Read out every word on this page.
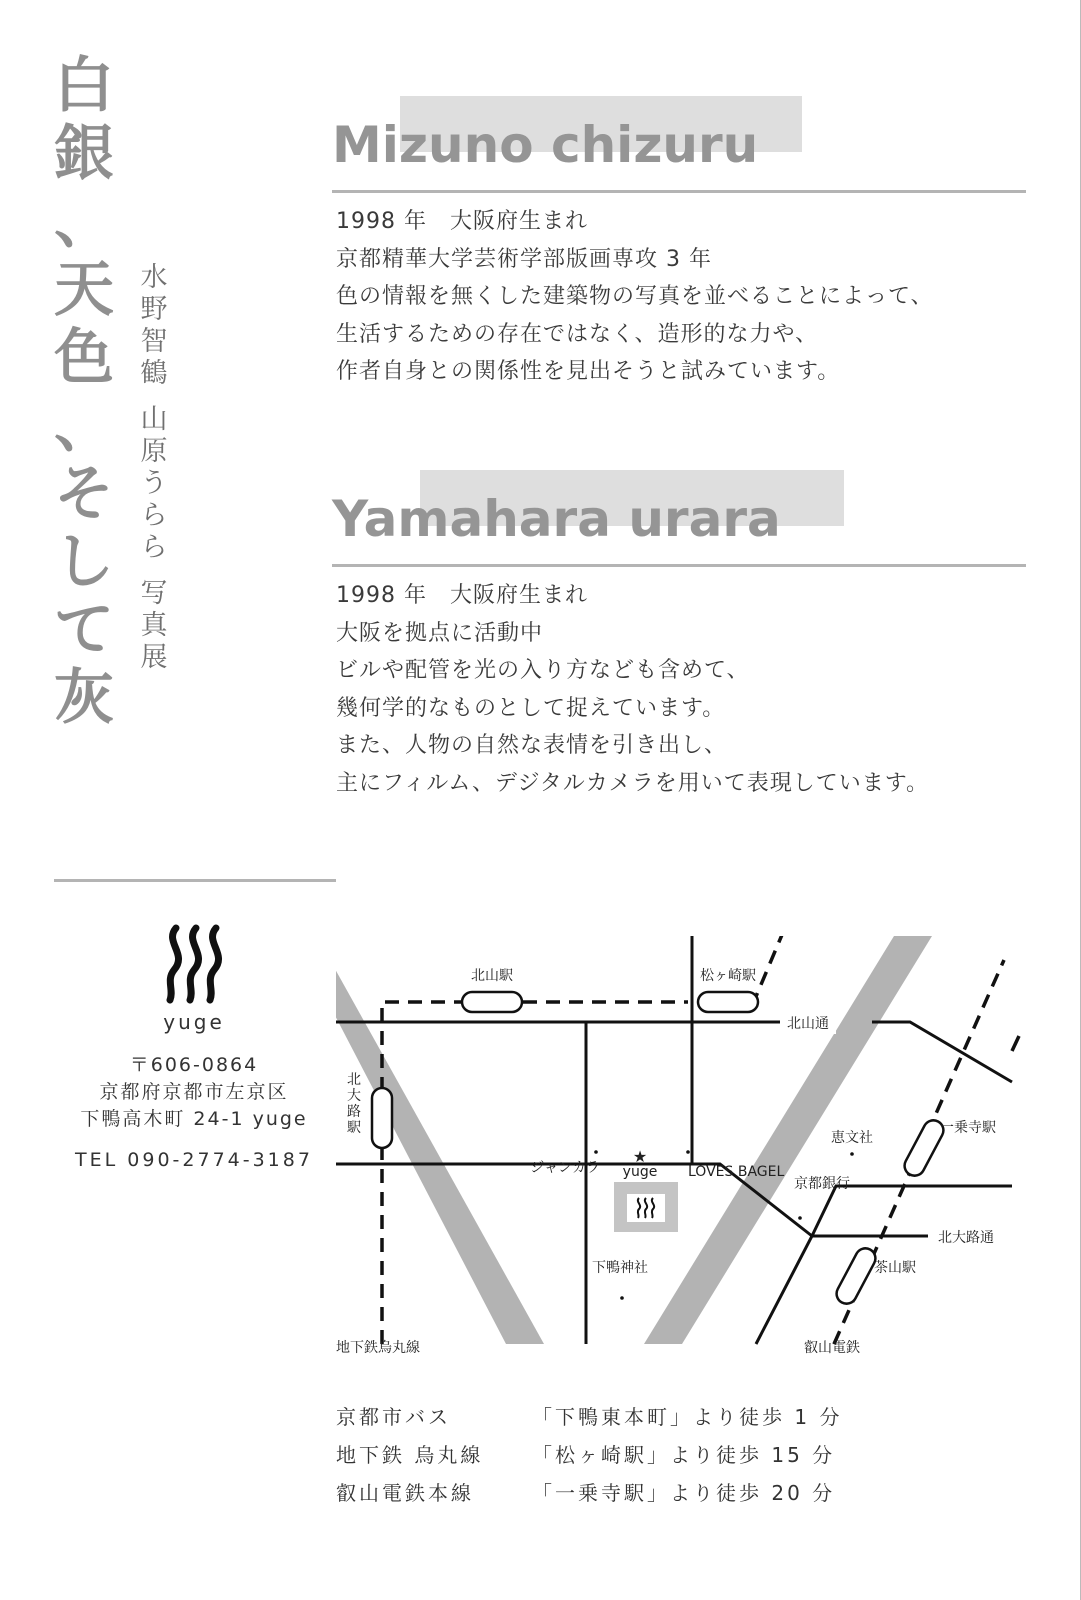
白
銀
、
天
色
、
そ
し
て
灰
水
野
智
鶴
山
原
う
ら
ら
写
真
展
Mizuno chizuru
1998 年　大阪府生まれ
京都精華大学芸術学部版画専攻 3 年
色の情報を無くした建築物の写真を並べることによって、
生活するための存在ではなく、造形的な力や、
作者自身との関係性を見出そうと試みています。
Yamahara urara
1998 年　大阪府生まれ
大阪を拠点に活動中
ビルや配管を光の入り方なども含めて、
幾何学的なものとして捉えています。
また、人物の自然な表情を引き出し、
主にフィルム、デジタルカメラを用いて表現しています。
yuge
〒606-0864
京都府京都市左京区
下鴨高木町 24-1 yuge
TEL 090-2774-3187	★
北山駅	松ヶ崎駅
北山通
北大路駅	一乗寺駅
恵文社
ジャンカラ yuge LOVES BAGEL
京都銀行
北大路通
下鴨神社	茶山駅
地下鉄烏丸線	叡山電鉄
京都市バス	「下鴨東本町」より徒歩 1 分
地下鉄 烏丸線	「松ヶ崎駅」より徒歩 15 分
叡山電鉄本線	「一乗寺駅」より徒歩 20 分
